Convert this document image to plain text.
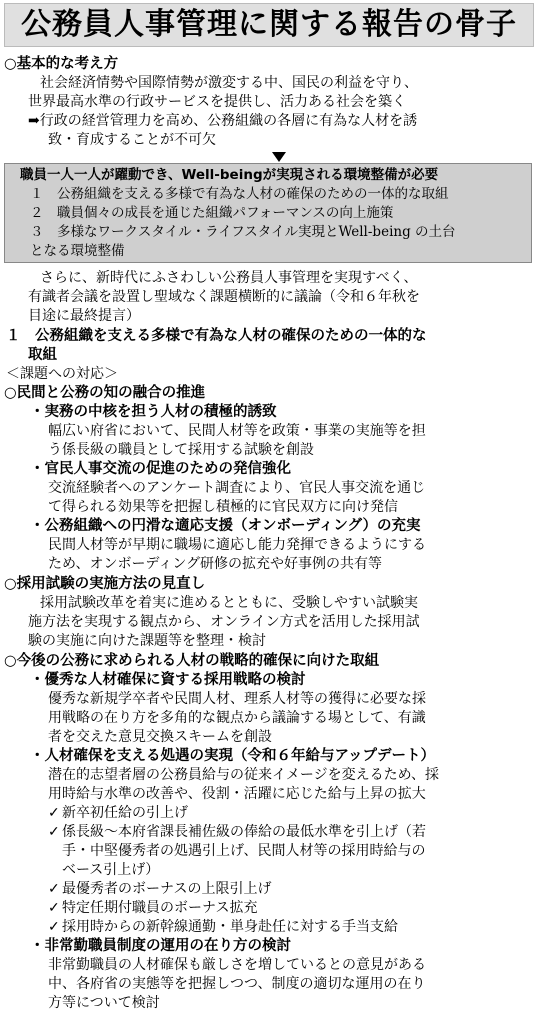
公務員人事管理に関する報告の骨子
○基本的な考え方
社会経済情勢や国際情勢が激変する中、国民の利益を守り、
世界最高水準の行政サービスを提供し、活力ある社会を築く
➡行政の経営管理力を高め、公務組織の各層に有為な人材を誘
致・育成することが不可欠
職員一人一人が躍動でき、Well-beingが実現される環境整備が必要
１　公務組織を支える多様で有為な人材の確保のための一体的な取組
２　職員個々の成長を通じた組織パフォーマンスの向上施策
３　多様なワークスタイル・ライフスタイル実現とWell-being の土台
となる環境整備
さらに、新時代にふさわしい公務員人事管理を実現すべく、
有識者会議を設置し聖域なく課題横断的に議論（令和６年秋を
目途に最終提言）
１　公務組織を支える多様で有為な人材の確保のための一体的な
取組
＜課題への対応＞
○民間と公務の知の融合の推進
・実務の中核を担う人材の積極的誘致
幅広い府省において、民間人材等を政策・事業の実施等を担
う係長級の職員として採用する試験を創設
・官民人事交流の促進のための発信強化
交流経験者へのアンケート調査により、官民人事交流を通じ
て得られる効果等を把握し積極的に官民双方に向け発信
・公務組織への円滑な適応支援（オンボーディング）の充実
民間人材等が早期に職場に適応し能力発揮できるようにする
ため、オンボーディング研修の拡充や好事例の共有等
○採用試験の実施方法の見直し
採用試験改革を着実に進めるとともに、受験しやすい試験実
施方法を実現する観点から、オンライン方式を活用した採用試
験の実施に向けた課題等を整理・検討
○今後の公務に求められる人材の戦略的確保に向けた取組
・優秀な人材確保に資する採用戦略の検討
優秀な新規学卒者や民間人材、理系人材等の獲得に必要な採
用戦略の在り方を多角的な観点から議論する場として、有識
者を交えた意見交換スキームを創設
・人材確保を支える処遇の実現（令和６年給与アップデート）
潜在的志望者層の公務員給与の従来イメージを変えるため、採
用時給与水準の改善や、役割・活躍に応じた給与上昇の拡大
✓ 新卒初任給の引上げ
✓ 係長級～本府省課長補佐級の俸給の最低水準を引上げ（若
手・中堅優秀者の処遇引上げ、民間人材等の採用時給与の
ベース引上げ）
✓ 最優秀者のボーナスの上限引上げ
✓ 特定任期付職員のボーナス拡充
✓ 採用時からの新幹線通勤・単身赴任に対する手当支給
・非常勤職員制度の運用の在り方の検討
非常勤職員の人材確保も厳しさを増しているとの意見がある
中、各府省の実態等を把握しつつ、制度の適切な運用の在り
方等について検討
